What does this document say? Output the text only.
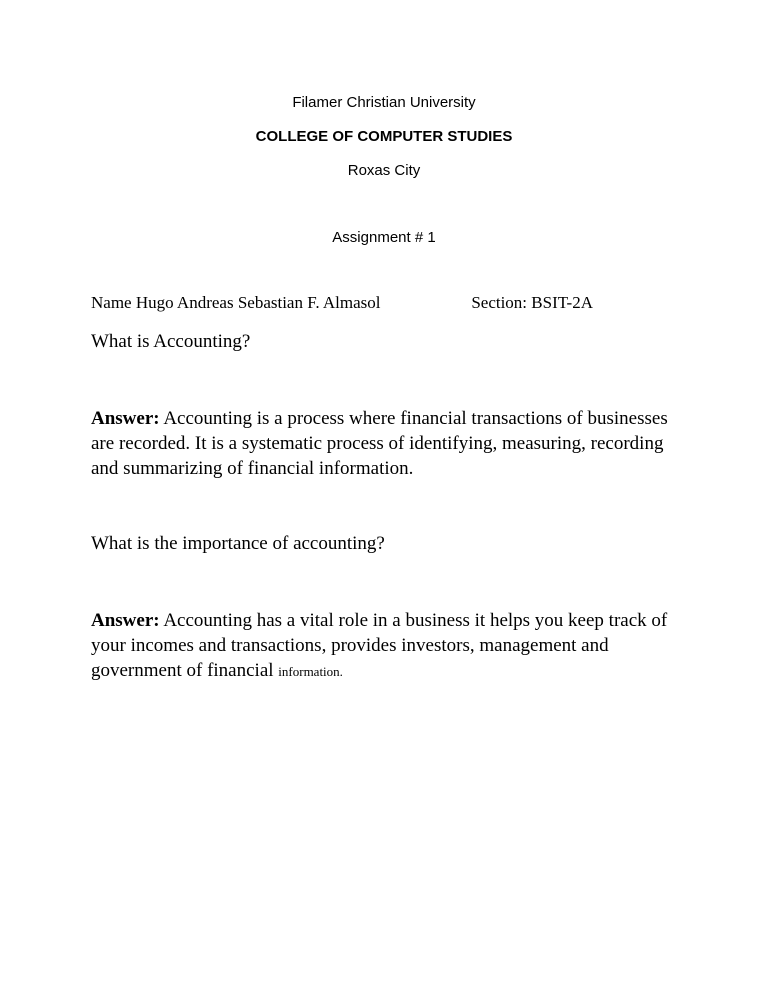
Filamer Christian University

COLLEGE OF COMPUTER STUDIES

Roxas City

Assignment # 1

Name Hugo Andreas Sebastian F. Almasol	Section: BSIT-2A

What is Accounting?

Answer: Accounting is a process where financial transactions of businesses are recorded. It is a systematic process of identifying, measuring, recording and summarizing of financial information.

What is the importance of accounting?

Answer: Accounting has a vital role in a business it helps you keep track of your incomes and transactions, provides investors, management and government of financial information.
